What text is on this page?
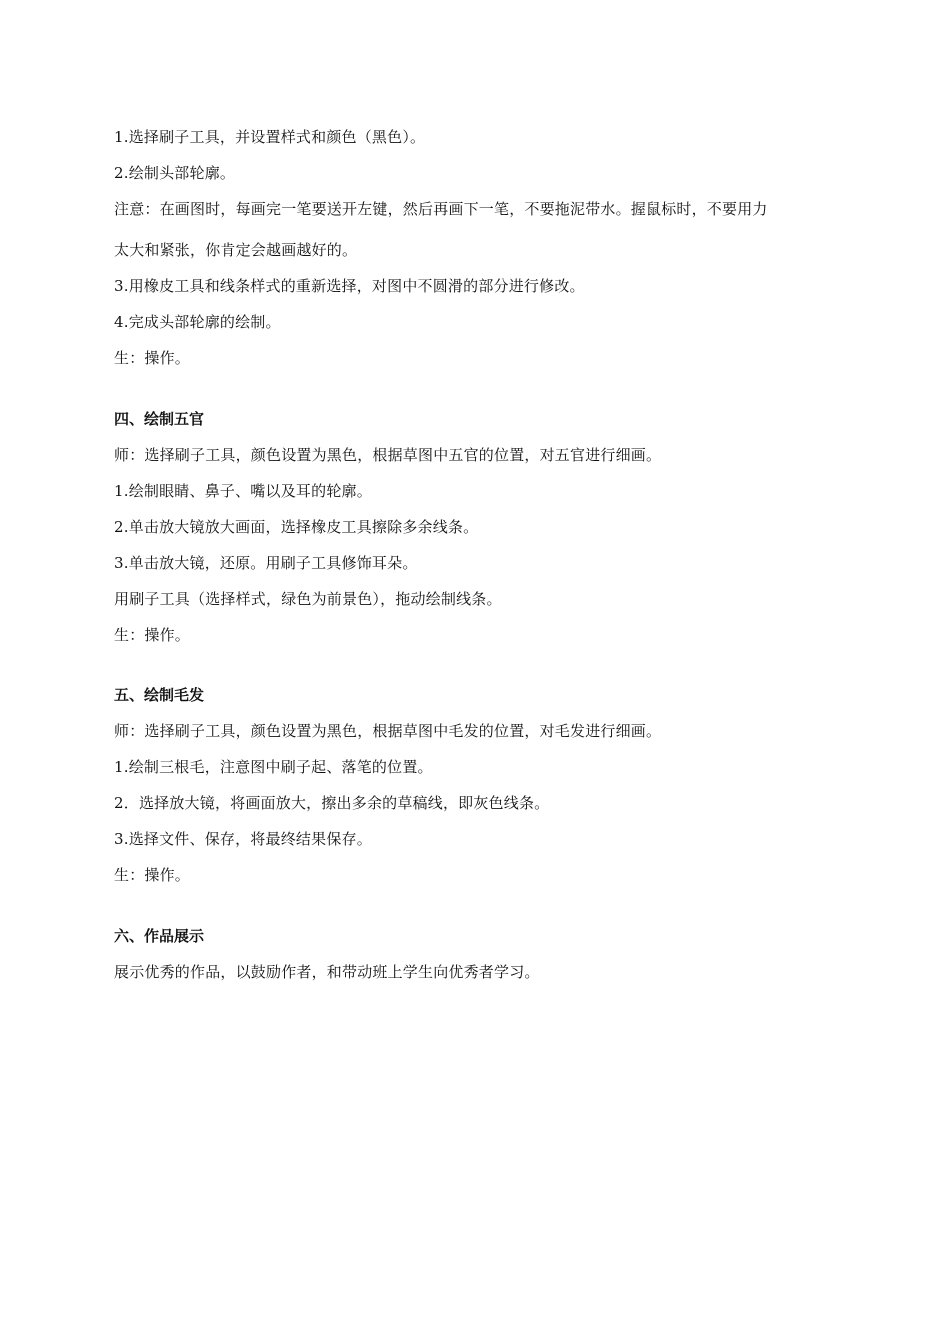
1.选择刷子工具，并设置样式和颜色（黑色）。
2.绘制头部轮廓。
注意：在画图时，每画完一笔要送开左键，然后再画下一笔，不要拖泥带水。握鼠标时，不要用力
太大和紧张，你肯定会越画越好的。
3.用橡皮工具和线条样式的重新选择，对图中不圆滑的部分进行修改。
4.完成头部轮廓的绘制。
生：操作。
四、绘制五官
师：选择刷子工具，颜色设置为黑色，根据草图中五官的位置，对五官进行细画。
1.绘制眼睛、鼻子、嘴以及耳的轮廓。
2.单击放大镜放大画面，选择橡皮工具擦除多余线条。
3.单击放大镜，还原。用刷子工具修饰耳朵。
用刷子工具（选择样式，绿色为前景色），拖动绘制线条。
生：操作。
五、绘制毛发
师：选择刷子工具，颜色设置为黑色，根据草图中毛发的位置，对毛发进行细画。
1.绘制三根毛，注意图中刷子起、落笔的位置。
2．选择放大镜，将画面放大，擦出多余的草稿线，即灰色线条。
3.选择文件、保存，将最终结果保存。
生：操作。
六、作品展示
展示优秀的作品，以鼓励作者，和带动班上学生向优秀者学习。
